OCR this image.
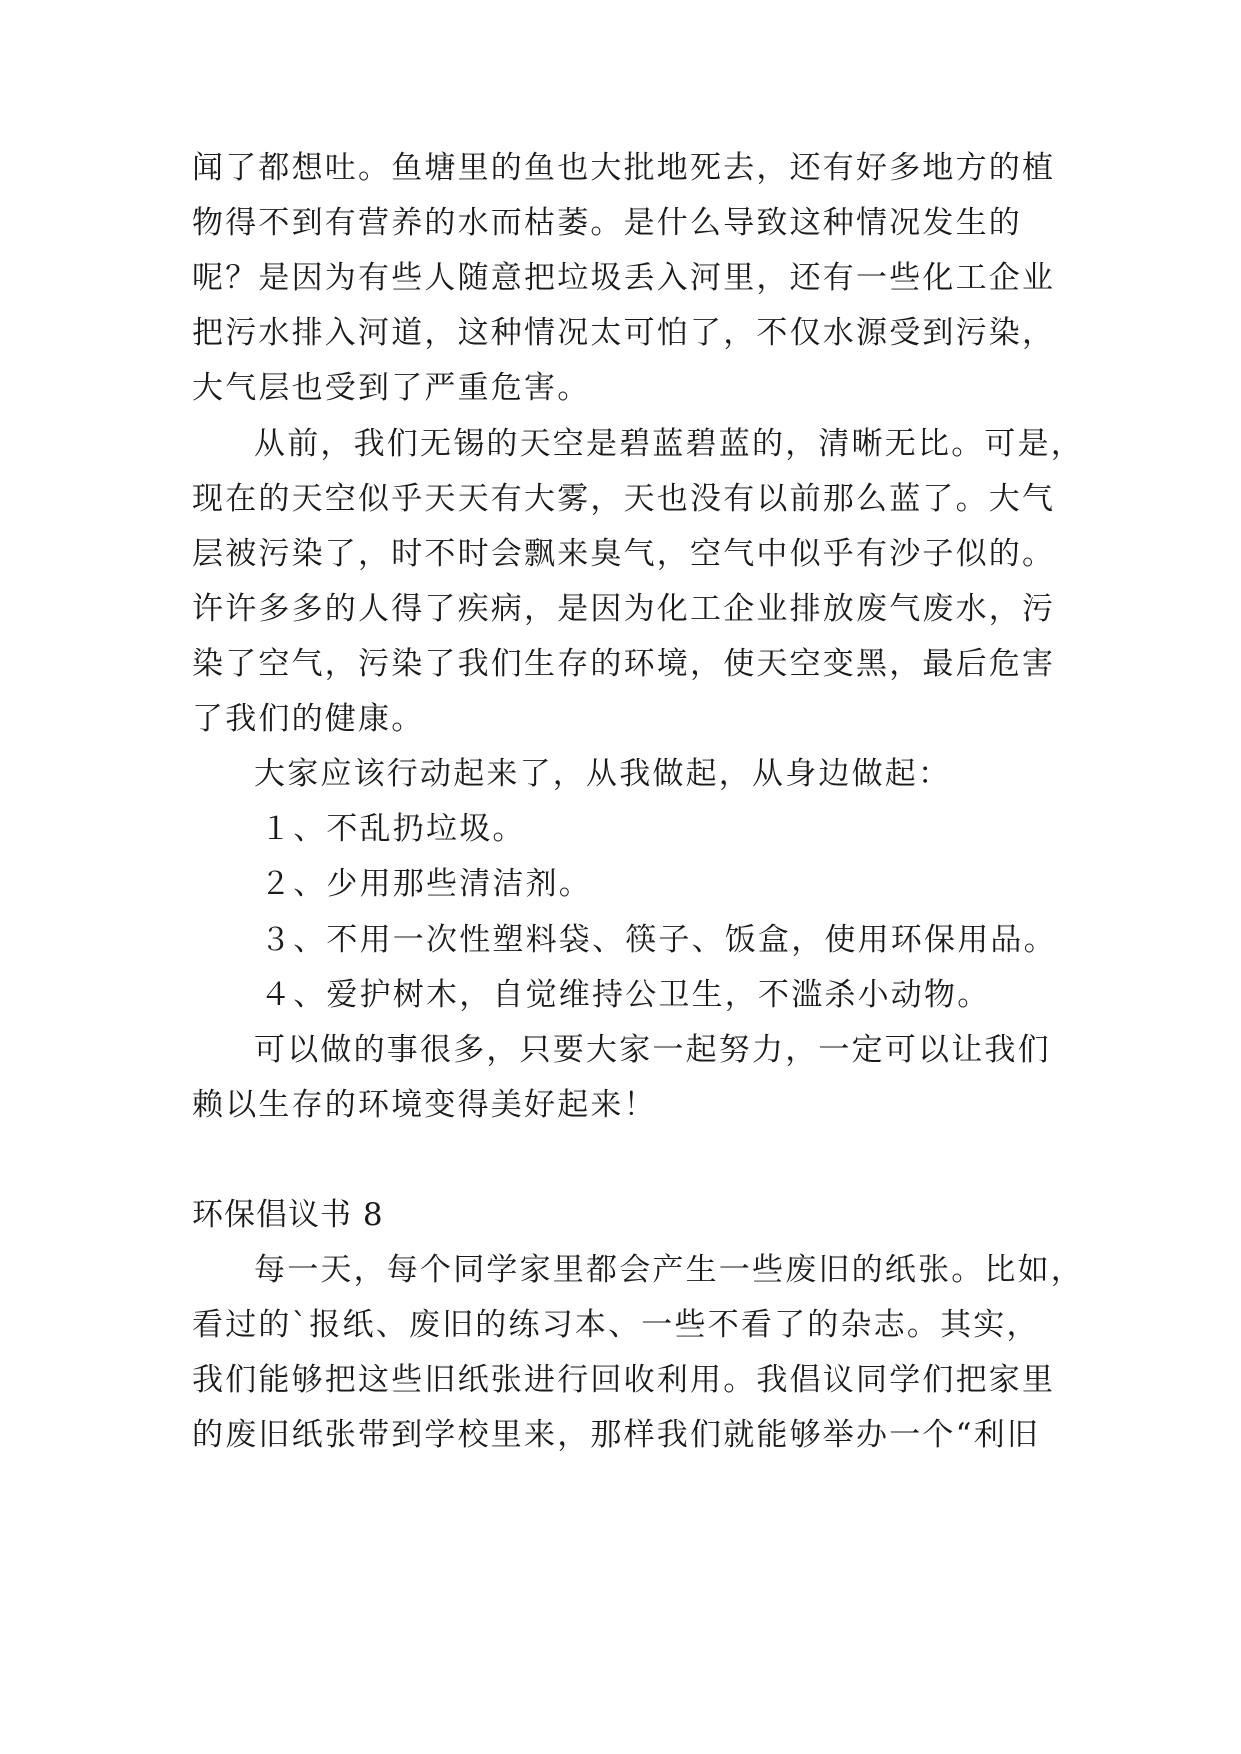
闻了都想吐。鱼塘里的鱼也大批地死去，还有好多地方的植
物得不到有营养的水而枯萎。是什么导致这种情况发生的
呢？是因为有些人随意把垃圾丢入河里，还有一些化工企业
把污水排入河道，这种情况太可怕了，不仅水源受到污染，
大气层也受到了严重危害。
从前，我们无锡的天空是碧蓝碧蓝的，清晰无比。可是，
现在的天空似乎天天有大雾，天也没有以前那么蓝了。大气
层被污染了，时不时会飘来臭气，空气中似乎有沙子似的。
许许多多的人得了疾病，是因为化工企业排放废气废水，污
染了空气，污染了我们生存的环境，使天空变黑，最后危害
了我们的健康。
大家应该行动起来了，从我做起，从身边做起：
１、不乱扔垃圾。
２、少用那些清洁剂。
３、不用一次性塑料袋、筷子、饭盒，使用环保用品。
４、爱护树木，自觉维持公卫生，不滥杀小动物。
可以做的事很多，只要大家一起努力，一定可以让我们
赖以生存的环境变得美好起来！
环保倡议书 8
每一天，每个同学家里都会产生一些废旧的纸张。比如，
看过的`报纸、废旧的练习本、一些不看了的杂志。其实，
我们能够把这些旧纸张进行回收利用。我倡议同学们把家里
的废旧纸张带到学校里来，那样我们就能够举办一个“利旧
